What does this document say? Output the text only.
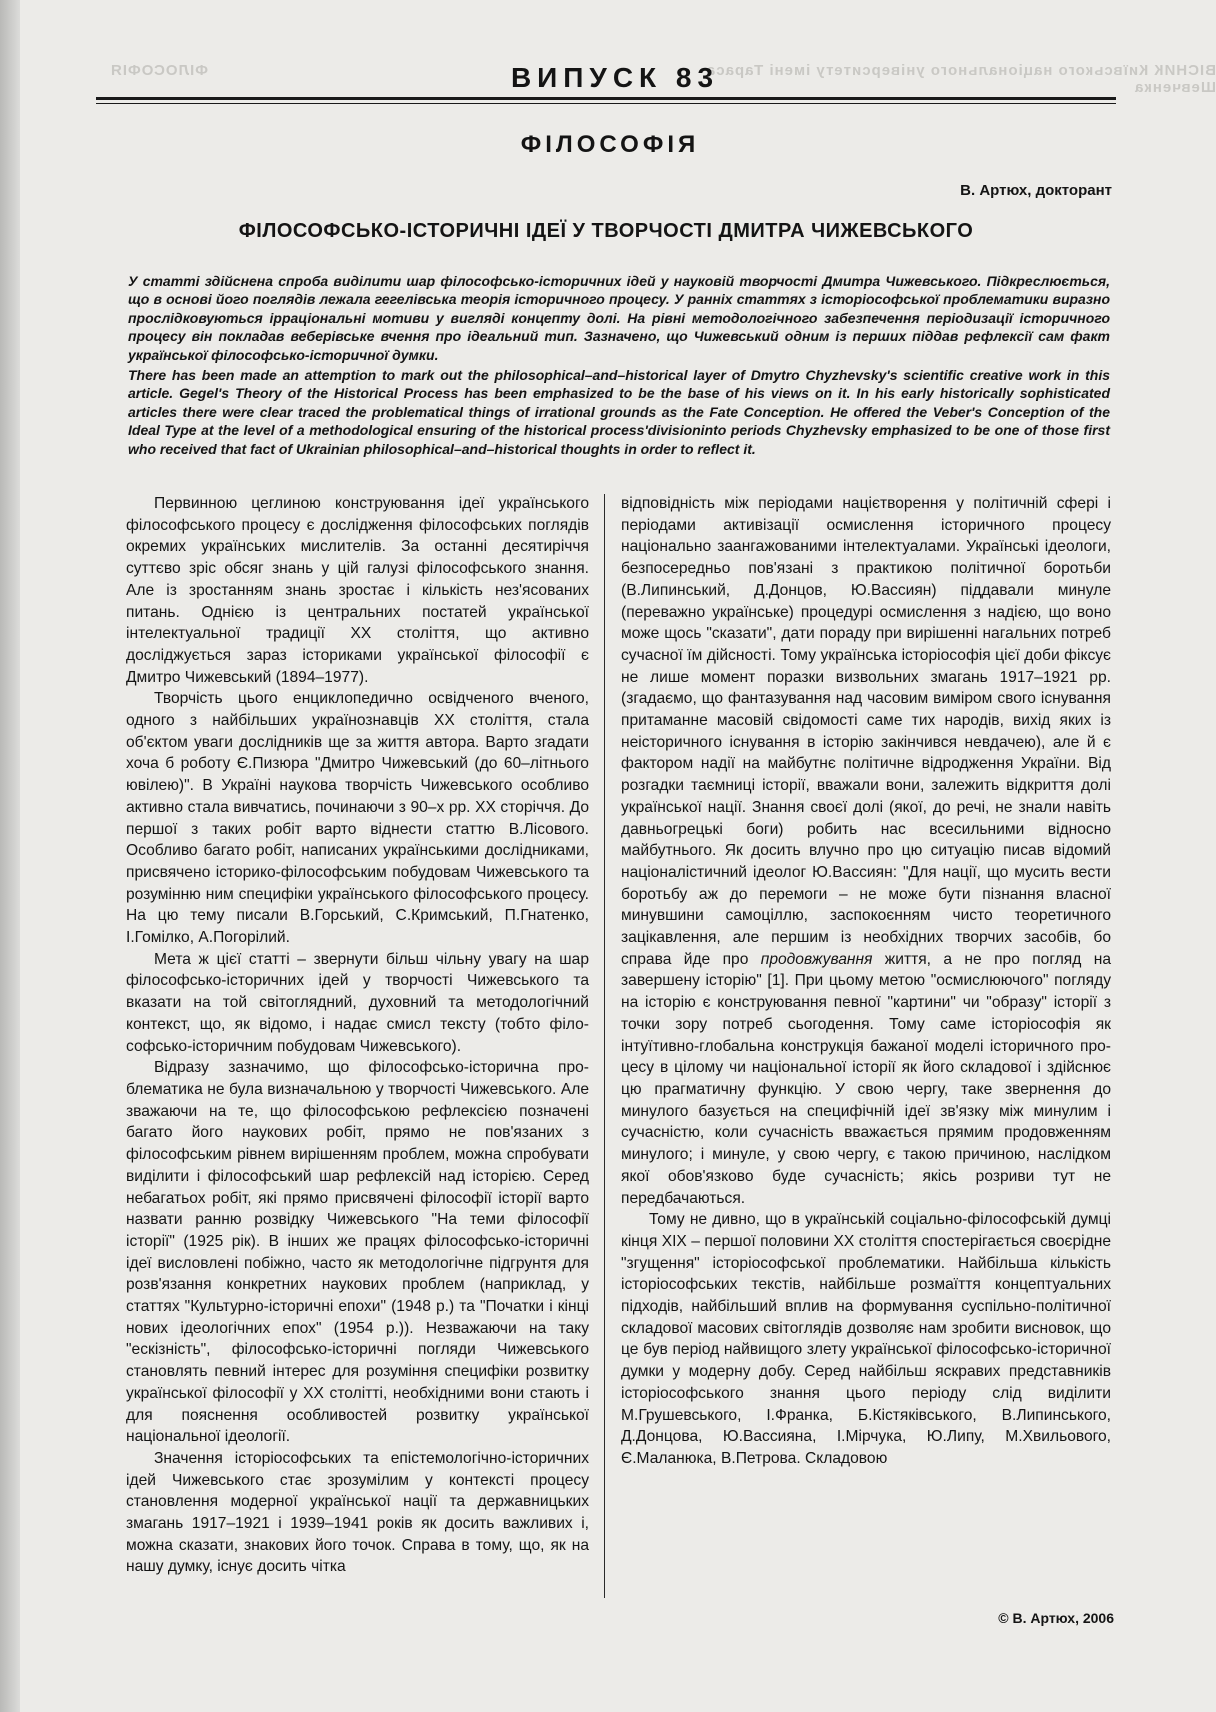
ФІЛОСОФІЯ	ВІСНИК Київського національного університету імені Тараса Шевченка
ВИПУСК 83
ФІЛОСОФІЯ
В. Артюх, докторант
ФІЛОСОФСЬКО-ІСТОРИЧНІ ІДЕЇ У ТВОРЧОСТІ ДМИТРА ЧИЖЕВСЬКОГО

У статті здійснена спроба виділити шар філософсько-історичних ідей у науковій творчості Дмитра Чижевського. Підкреслюється, що в основі його поглядів лежала гегелівська теорія історичного процесу. У ранніх статтях з історіософської проблематики виразно прослідковуються ірраціональні мотиви у вигляді концепту долі. На рівні методологічного забезпечення періодизації історичного процесу він покладав веберівське вчення про ідеальний тип. Зазначено, що Чижевський одним із перших піддав рефлексії сам факт української філософсько-історичної думки.

There has been made an attemption to mark out the philosophical–and–historical layer of Dmytro Chyzhevsky's scientific creative work in this article. Gegel's Theory of the Historical Process has been emphasized to be the base of his views on it. In his early historically sophisticated articles there were clear traced the problematical things of irrational grounds as the Fate Conception. He offered the Veber's Conception of the Ideal Type at the level of a methodological ensuring of the historical process'divisioninto periods Chyzhevsky emphasized to be one of those first who received that fact of Ukrainian philosophical–and–historical thoughts in order to reflect it.

Первинною цеглиною конструювання ідеї українського філософського процесу є дослідження філософських поглядів окремих українських мислителів. За останні десятиріччя суттєво зріс обсяг знань у цій галузі філософського знання. Але із зростанням знань зростає і кількість нез'ясованих питань. Однією із центральних постатей української інтелектуальної традиції ХХ століття, що активно досліджується зараз істориками української філософії є Дмитро Чижевський (1894–1977).

Творчість цього енциклопедично освідченого вченого, одного з найбільших українознавців ХХ століття, стала об'єктом уваги дослідників ще за життя автора. Варто згадати хоча б роботу Є.Пизюра "Дмитро Чижевський (до 60–літнього ювілею)". В Україні наукова творчість Чижевського особливо активно стала вивчатись, починаючи з 90–х рр. ХХ сторіччя. До першої з таких робіт варто віднести статтю В.Лісового. Особливо багато робіт, написаних українськими дослідниками, присвячено історико-філософським побудовам Чижевського та розумінню ним специфіки українського філософського процесу. На цю тему писали В.Горський, С.Кримський, П.Гнатенко, І.Гомілко, А.Погорілий.

Мета ж цієї статті – звернути більш чільну увагу на шар філософсько-історичних ідей у творчості Чижевського та вказати на той світоглядний, духовний та методологічний контекст, що, як відомо, і надає смисл тексту (тобто філософсько-історичним побудовам Чижевського).

Відразу зазначимо, що філософсько-історична проблематика не була визначальною у творчості Чижевського. Але зважаючи на те, що філософською рефлексією позначені багато його наукових робіт, прямо не пов'язаних з філософським рівнем вирішенням проблем, можна спробувати виділити і філософський шар рефлексій над історією. Серед небагатьох робіт, які прямо присвячені філософії історії варто назвати ранню розвідку Чижевського "На теми філософії історії" (1925 рік). В інших же працях філософсько-історичні ідеї висловлені побіжно, часто як методологічне підгрунтя для розв'язання конкретних наукових проблем (наприклад, у статтях "Культурно-історичні епохи" (1948 р.) та "Початки і кінці нових ідеологічних епох" (1954 р.)). Незважаючи на таку "ескізність", філософсько-історичні погляди Чижевського становлять певний інтерес для розуміння специфіки розвитку української філософії у ХХ столітті, необхідними вони стають і для пояснення особливостей розвитку української національної ідеології.

Значення історіософських та епістемологічно-історичних ідей Чижевського стає зрозумілим у контексті процесу становлення модерної української нації та державницьких змагань 1917–1921 і 1939–1941 років як досить важливих і, можна сказати, знакових його точок. Справа в тому, що, як на нашу думку, існує досить чітка

відповідність між періодами націєтворення у політичній сфері і періодами активізації осмислення історичного процесу національно заангажованими інтелектуалами. Українські ідеологи, безпосередньо пов'язані з практикою політичної боротьби (В.Липинський, Д.Донцов, Ю.Вассиян) піддавали минуле (переважно українське) процедурі осмислення з надією, що воно може щось "сказати", дати пораду при вирішенні нагальних потреб сучасної їм дійсності. Тому українська історіософія цієї доби фіксує не лише момент поразки визвольних змагань 1917–1921 рр. (згадаємо, що фантазування над часовим виміром свого існування притаманне масовій свідомості саме тих народів, вихід яких із неісторичного існування в історію закінчився невдачею), але й є фактором надії на майбутнє політичне відродження України. Від розгадки таємниці історії, вважали вони, залежить відкриття долі української нації. Знання своєї долі (якої, до речі, не знали навіть давньогрецькі боги) робить нас всесильними відносно майбутнього. Як досить влучно про цю ситуацію писав відомий націоналістичний ідеолог Ю.Вассиян: "Для нації, що мусить вести боротьбу аж до перемоги – не може бути пізнання власної минувшини самоціллю, заспокоєнням чисто теоретичного зацікавлення, але першим із необхідних творчих засобів, бо справа йде про продовжування життя, а не про погляд на завершену історію" [1]. При цьому метою "осмислюючого" погляду на історію є конструювання певної "картини" чи "образу" історії з точки зору потреб сьогодення. Тому саме історіософія як інтуїтивно-глобальна конструкція бажаної моделі історичного процесу в цілому чи національної історії як його складової і здійснює цю прагматичну функцію. У свою чергу, таке звернення до минулого базується на специфічній ідеї зв'язку між минулим і сучасністю, коли сучасність вважається прямим продовженням минулого; і минуле, у свою чергу, є такою причиною, наслідком якої обов'язково буде сучасність; якісь розриви тут не передбачаються.

Тому не дивно, що в українській соціально-філософській думці кінця XIX – першої половини ХХ століття спостерігається своєрідне "згущення" історіософської проблематики. Найбільша кількість історіософських текстів, найбільше розмаїття концептуальних підходів, найбільший вплив на формування суспільно-політичної складової масових світоглядів дозволяє нам зробити висновок, що це був період найвищого злету української філософсько-історичної думки у модерну добу. Серед найбільш яскравих представників історіософського знання цього періоду слід виділити М.Грушевського, І.Франка, Б.Кістяківського, В.Липинського, Д.Донцова, Ю.Вассияна, І.Мірчука, Ю.Липу, М.Хвильового, Є.Маланюка, В.Петрова. Складовою

© В. Артюх, 2006
